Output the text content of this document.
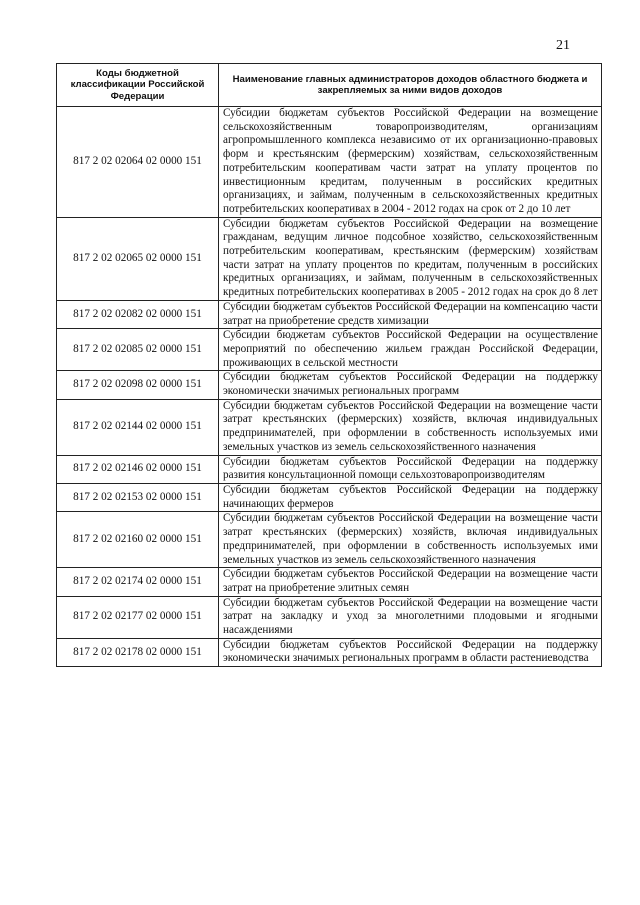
21
Коды бюджетной классификации Российской Федерации	Наименование главных администраторов доходов областного бюджета и закрепляемых за ними видов доходов
817 2 02 02064 02 0000 151	Субсидии бюджетам субъектов Российской Федерации на возмещение сельскохозяйственным товаропроизводителям, организациям агропромышленного комплекса независимо от их организационно-правовых форм и крестьянским (фермерским) хозяйствам, сельскохозяйственным потребительским кооперативам части затрат на уплату процентов по инвестиционным кредитам, полученным в российских кредитных организациях, и займам, полученным в сельскохозяйственных кредитных потребительских кооперативах в 2004 - 2012 годах на срок от 2 до 10 лет
817 2 02 02065 02 0000 151	Субсидии бюджетам субъектов Российской Федерации на возмещение гражданам, ведущим личное подсобное хозяйство, сельскохозяйственным потребительским кооперативам, крестьянским (фермерским) хозяйствам части затрат на уплату процентов по кредитам, полученным в российских кредитных организациях, и займам, полученным в сельскохозяйственных кредитных потребительских кооперативах в 2005 - 2012 годах на срок до 8 лет
817 2 02 02082 02 0000 151	Субсидии бюджетам субъектов Российской Федерации на компенсацию части затрат на приобретение средств химизации
817 2 02 02085 02 0000 151	Субсидии бюджетам субъектов Российской Федерации на осуществление мероприятий по обеспечению жильем граждан Российской Федерации, проживающих в сельской местности
817 2 02 02098 02 0000 151	Субсидии бюджетам субъектов Российской Федерации на поддержку экономически значимых региональных программ
817 2 02 02144 02 0000 151	Субсидии бюджетам субъектов Российской Федерации на возмещение части затрат крестьянских (фермерских) хозяйств, включая индивидуальных предпринимателей, при оформлении в собственность используемых ими земельных участков из земель сельскохозяйственного назначения
817 2 02 02146 02 0000 151	Субсидии бюджетам субъектов Российской Федерации на поддержку развития консультационной помощи сельхозтоваропроизводителям
817 2 02 02153 02 0000 151	Субсидии бюджетам субъектов Российской Федерации на поддержку начинающих фермеров
817 2 02 02160 02 0000 151	Субсидии бюджетам субъектов Российской Федерации на возмещение части затрат крестьянских (фермерских) хозяйств, включая индивидуальных предпринимателей, при оформлении в собственность используемых ими земельных участков из земель сельскохозяйственного назначения
817 2 02 02174 02 0000 151	Субсидии бюджетам субъектов Российской Федерации на возмещение части затрат на приобретение элитных семян
817 2 02 02177 02 0000 151	Субсидии бюджетам субъектов Российской Федерации на возмещение части затрат на закладку и уход за многолетними плодовыми и ягодными насаждениями
817 2 02 02178 02 0000 151	Субсидии бюджетам субъектов Российской Федерации на поддержку экономически значимых региональных программ в области растениеводства
